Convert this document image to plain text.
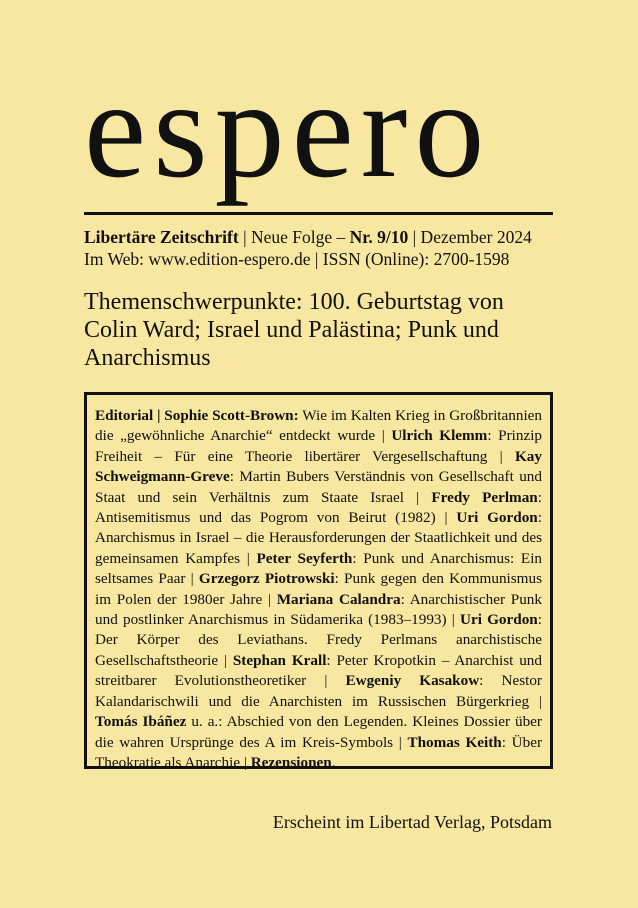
espero
Libertäre Zeitschrift | Neue Folge – Nr. 9/10 | Dezember 2024
Im Web: www.edition-espero.de | ISSN (Online): 2700-1598
Themenschwerpunkte: 100. Geburtstag von Colin Ward; Israel und Palästina; Punk und Anarchismus

Editorial | Sophie Scott-Brown: Wie im Kalten Krieg in Großbritannien die „gewöhnliche Anarchie“ entdeckt wurde | Ulrich Klemm: Prinzip Freiheit – Für eine Theorie libertärer Vergesellschaftung | Kay Schweigmann-Greve: Martin Bubers Verständnis von Gesellschaft und Staat und sein Verhältnis zum Staate Israel | Fredy Perlman: Antisemitismus und das Pogrom von Beirut (1982) | Uri Gordon: Anarchismus in Israel – die Herausforderungen der Staatlichkeit und des gemeinsamen Kampfes | Peter Seyferth: Punk und Anarchismus: Ein seltsames Paar | Grzegorz Piotrowski: Punk gegen den Kommunismus im Polen der 1980er Jahre | Mariana Calandra: Anarchistischer Punk und postlinker Anarchismus in Südamerika (1983–1993) | Uri Gordon: Der Körper des Leviathans. Fredy Perlmans anarchistische Gesellschaftstheorie | Stephan Krall: Peter Kropotkin – Anarchist und streitbarer Evolutionstheoretiker | Ewgeniy Kasakow: Nestor Kalandarischwili und die Anarchisten im Russischen Bürgerkrieg | Tomás Ibáñez u. a.: Abschied von den Legenden. Kleines Dossier über die wahren Ursprünge des A im Kreis-Symbols | Thomas Keith: Über Theokratie als Anarchie | Rezensionen.

Erscheint im Libertad Verlag, Potsdam
